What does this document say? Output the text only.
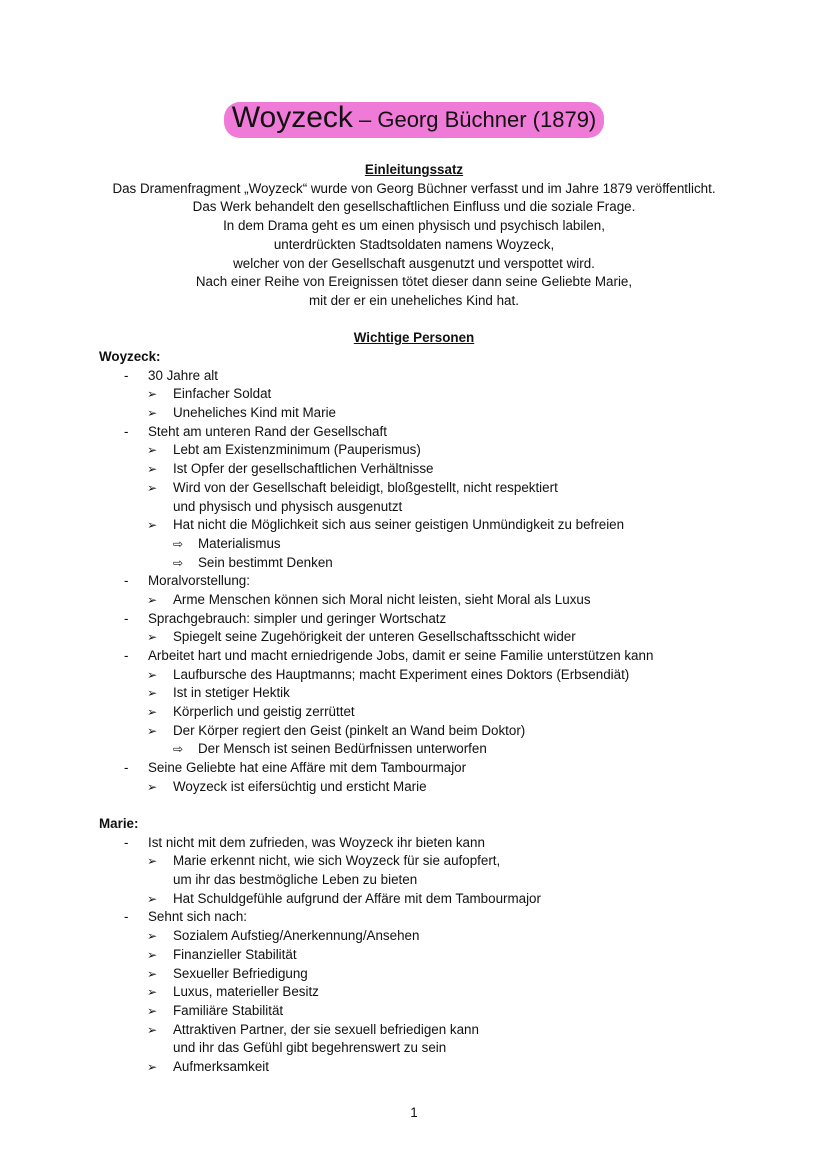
Woyzeck – Georg Büchner (1879)
Einleitungssatz
Das Dramenfragment „Woyzeck“ wurde von Georg Büchner verfasst und im Jahre 1879 veröffentlicht.
Das Werk behandelt den gesellschaftlichen Einfluss und die soziale Frage.
In dem Drama geht es um einen physisch und psychisch labilen,
unterdrückten Stadtsoldaten namens Woyzeck,
welcher von der Gesellschaft ausgenutzt und verspottet wird.
Nach einer Reihe von Ereignissen tötet dieser dann seine Geliebte Marie,
mit der er ein uneheliches Kind hat.
Wichtige Personen
Woyzeck:
- 30 Jahre alt
➢ Einfacher Soldat
➢ Uneheliches Kind mit Marie
- Steht am unteren Rand der Gesellschaft
➢ Lebt am Existenzminimum (Pauperismus)
➢ Ist Opfer der gesellschaftlichen Verhältnisse
➢ Wird von der Gesellschaft beleidigt, bloßgestellt, nicht respektiert
und physisch und physisch ausgenutzt
➢ Hat nicht die Möglichkeit sich aus seiner geistigen Unmündigkeit zu befreien
⇨ Materialismus
⇨ Sein bestimmt Denken
- Moralvorstellung:
➢ Arme Menschen können sich Moral nicht leisten, sieht Moral als Luxus
- Sprachgebrauch: simpler und geringer Wortschatz
➢ Spiegelt seine Zugehörigkeit der unteren Gesellschaftsschicht wider
- Arbeitet hart und macht erniedrigende Jobs, damit er seine Familie unterstützen kann
➢ Laufbursche des Hauptmanns; macht Experiment eines Doktors (Erbsendiät)
➢ Ist in stetiger Hektik
➢ Körperlich und geistig zerrüttet
➢ Der Körper regiert den Geist (pinkelt an Wand beim Doktor)
⇨ Der Mensch ist seinen Bedürfnissen unterworfen
- Seine Geliebte hat eine Affäre mit dem Tambourmajor
➢ Woyzeck ist eifersüchtig und ersticht Marie
Marie:
- Ist nicht mit dem zufrieden, was Woyzeck ihr bieten kann
➢ Marie erkennt nicht, wie sich Woyzeck für sie aufopfert,
um ihr das bestmögliche Leben zu bieten
➢ Hat Schuldgefühle aufgrund der Affäre mit dem Tambourmajor
- Sehnt sich nach:
➢ Sozialem Aufstieg/Anerkennung/Ansehen
➢ Finanzieller Stabilität
➢ Sexueller Befriedigung
➢ Luxus, materieller Besitz
➢ Familiäre Stabilität
➢ Attraktiven Partner, der sie sexuell befriedigen kann
und ihr das Gefühl gibt begehrenswert zu sein
➢ Aufmerksamkeit
1
